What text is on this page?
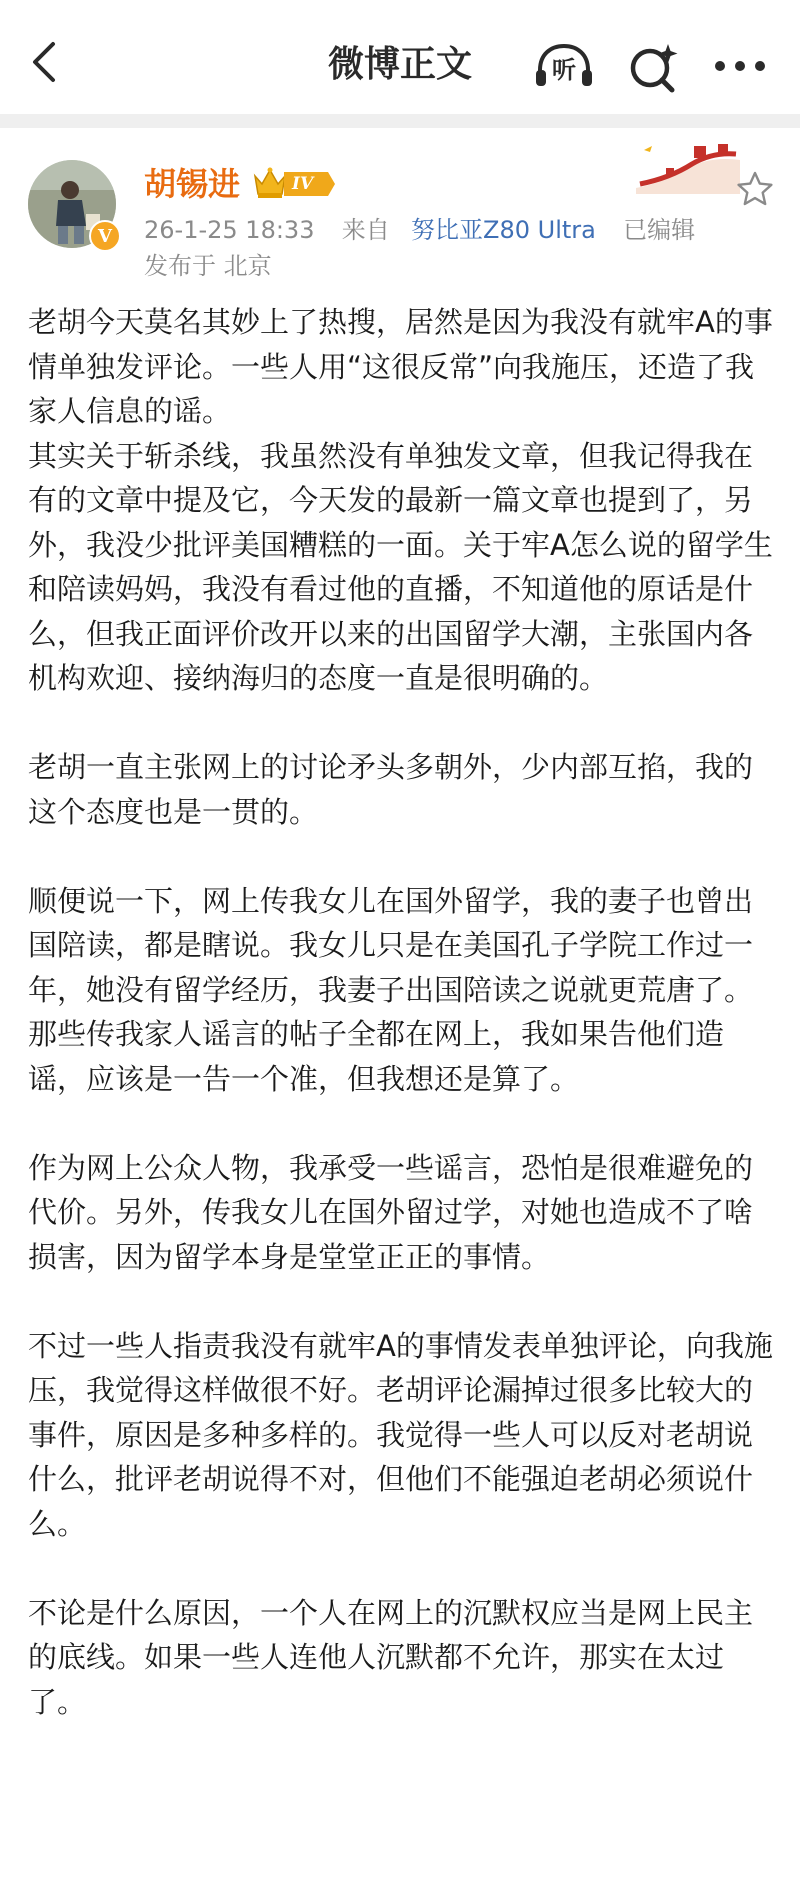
微博正文	听
V
胡锡进	IV
26-1-25 18:33 来自 努比亚Z80 Ultra 已编辑
发布于 北京

老胡今天莫名其妙上了热搜，居然是因为我没有就牢A的事情单独发评论。一些人用“这很反常”向我施压，还造了我家人信息的谣。
其实关于斩杀线，我虽然没有单独发文章，但我记得我在有的文章中提及它，今天发的最新一篇文章也提到了，另外，我没少批评美国糟糕的一面。关于牢A怎么说的留学生和陪读妈妈，我没有看过他的直播，不知道他的原话是什么，但我正面评价改开以来的出国留学大潮，主张国内各机构欢迎、接纳海归的态度一直是很明确的。

老胡一直主张网上的讨论矛头多朝外，少内部互掐，我的这个态度也是一贯的。

顺便说一下，网上传我女儿在国外留学，我的妻子也曾出国陪读，都是瞎说。我女儿只是在美国孔子学院工作过一年，她没有留学经历，我妻子出国陪读之说就更荒唐了。那些传我家人谣言的帖子全都在网上，我如果告他们造谣，应该是一告一个准，但我想还是算了。

作为网上公众人物，我承受一些谣言，恐怕是很难避免的代价。另外，传我女儿在国外留过学，对她也造成不了啥损害，因为留学本身是堂堂正正的事情。

不过一些人指责我没有就牢A的事情发表单独评论，向我施压，我觉得这样做很不好。老胡评论漏掉过很多比较大的事件，原因是多种多样的。我觉得一些人可以反对老胡说什么，批评老胡说得不对，但他们不能强迫老胡必须说什么。

不论是什么原因，一个人在网上的沉默权应当是网上民主的底线。如果一些人连他人沉默都不允许，那实在太过了。
